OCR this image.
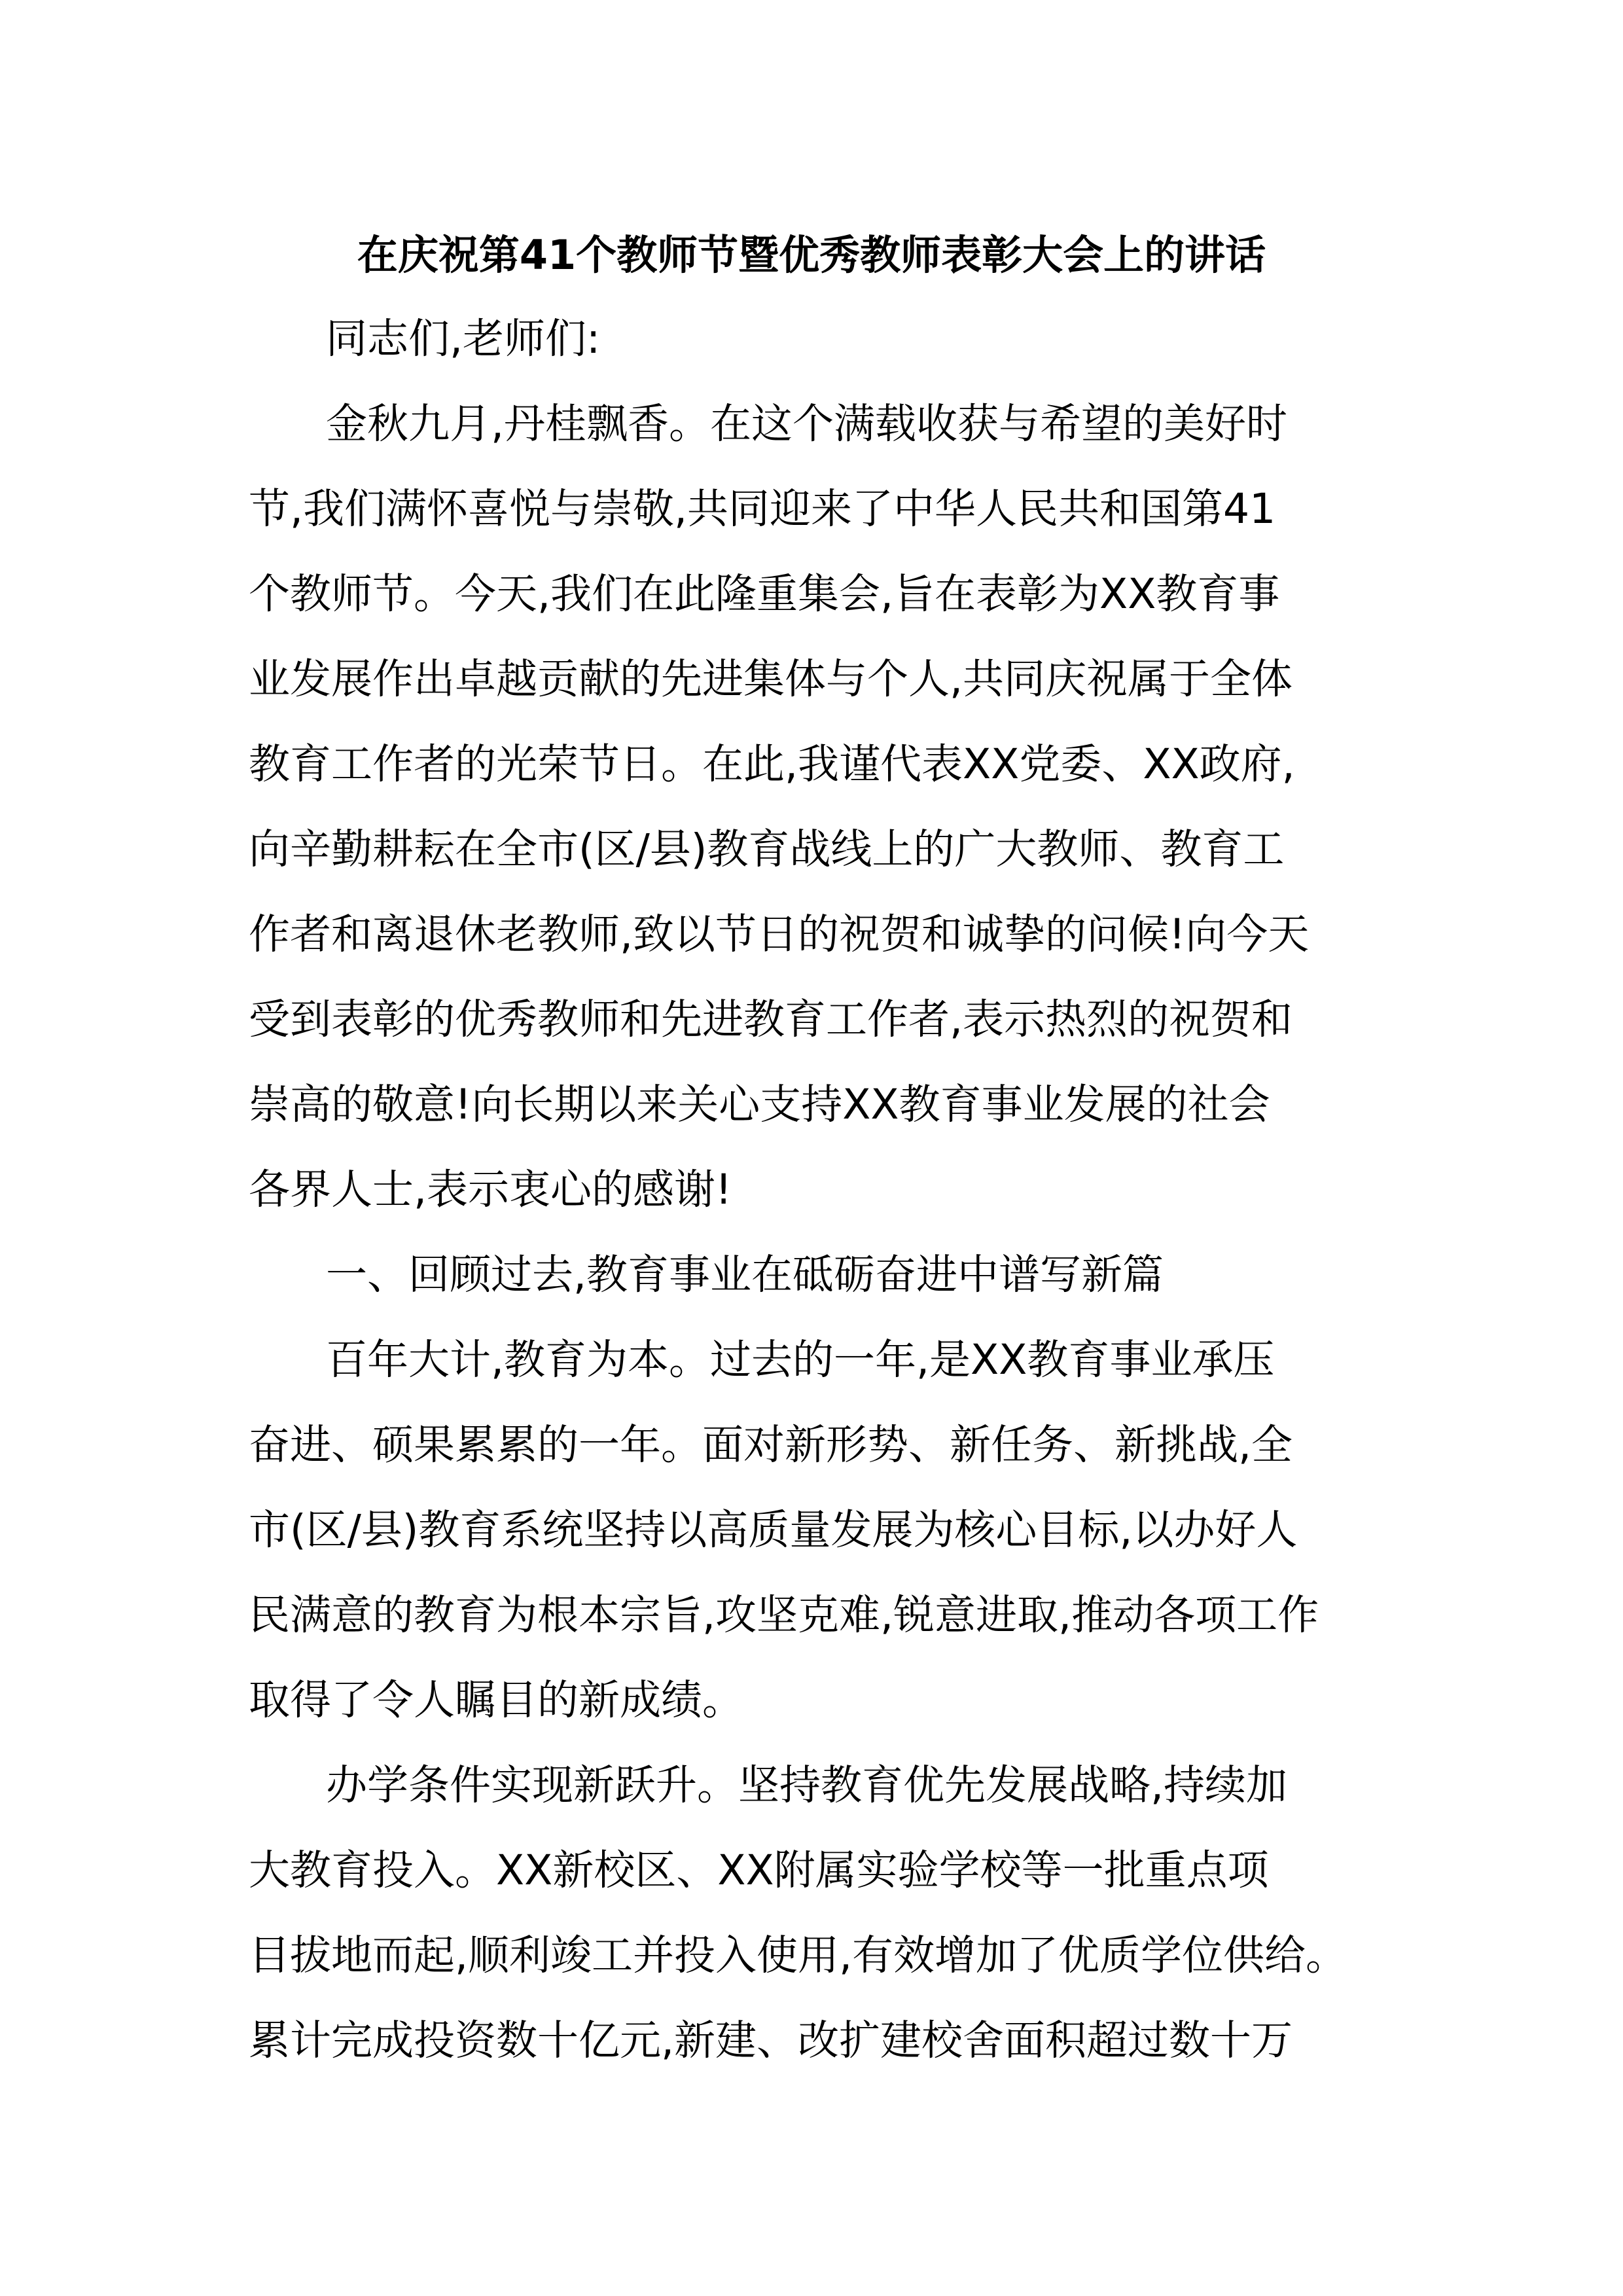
在庆祝第41个教师节暨优秀教师表彰大会上的讲话
同志们,老师们:
金秋九月,丹桂飘香。在这个满载收获与希望的美好时
节,我们满怀喜悦与崇敬,共同迎来了中华人民共和国第41
个教师节。今天,我们在此隆重集会,旨在表彰为XX教育事
业发展作出卓越贡献的先进集体与个人,共同庆祝属于全体
教育工作者的光荣节日。在此,我谨代表XX党委、XX政府,
向辛勤耕耘在全市(区/县)教育战线上的广大教师、教育工
作者和离退休老教师,致以节日的祝贺和诚挚的问候!向今天
受到表彰的优秀教师和先进教育工作者,表示热烈的祝贺和
崇高的敬意!向长期以来关心支持XX教育事业发展的社会
各界人士,表示衷心的感谢!
一、回顾过去,教育事业在砥砺奋进中谱写新篇
百年大计,教育为本。过去的一年,是XX教育事业承压
奋进、硕果累累的一年。面对新形势、新任务、新挑战,全
市(区/县)教育系统坚持以高质量发展为核心目标,以办好人
民满意的教育为根本宗旨,攻坚克难,锐意进取,推动各项工作
取得了令人瞩目的新成绩。
办学条件实现新跃升。坚持教育优先发展战略,持续加
大教育投入。XX新校区、XX附属实验学校等一批重点项
目拔地而起,顺利竣工并投入使用,有效增加了优质学位供给。
累计完成投资数十亿元,新建、改扩建校舍面积超过数十万
